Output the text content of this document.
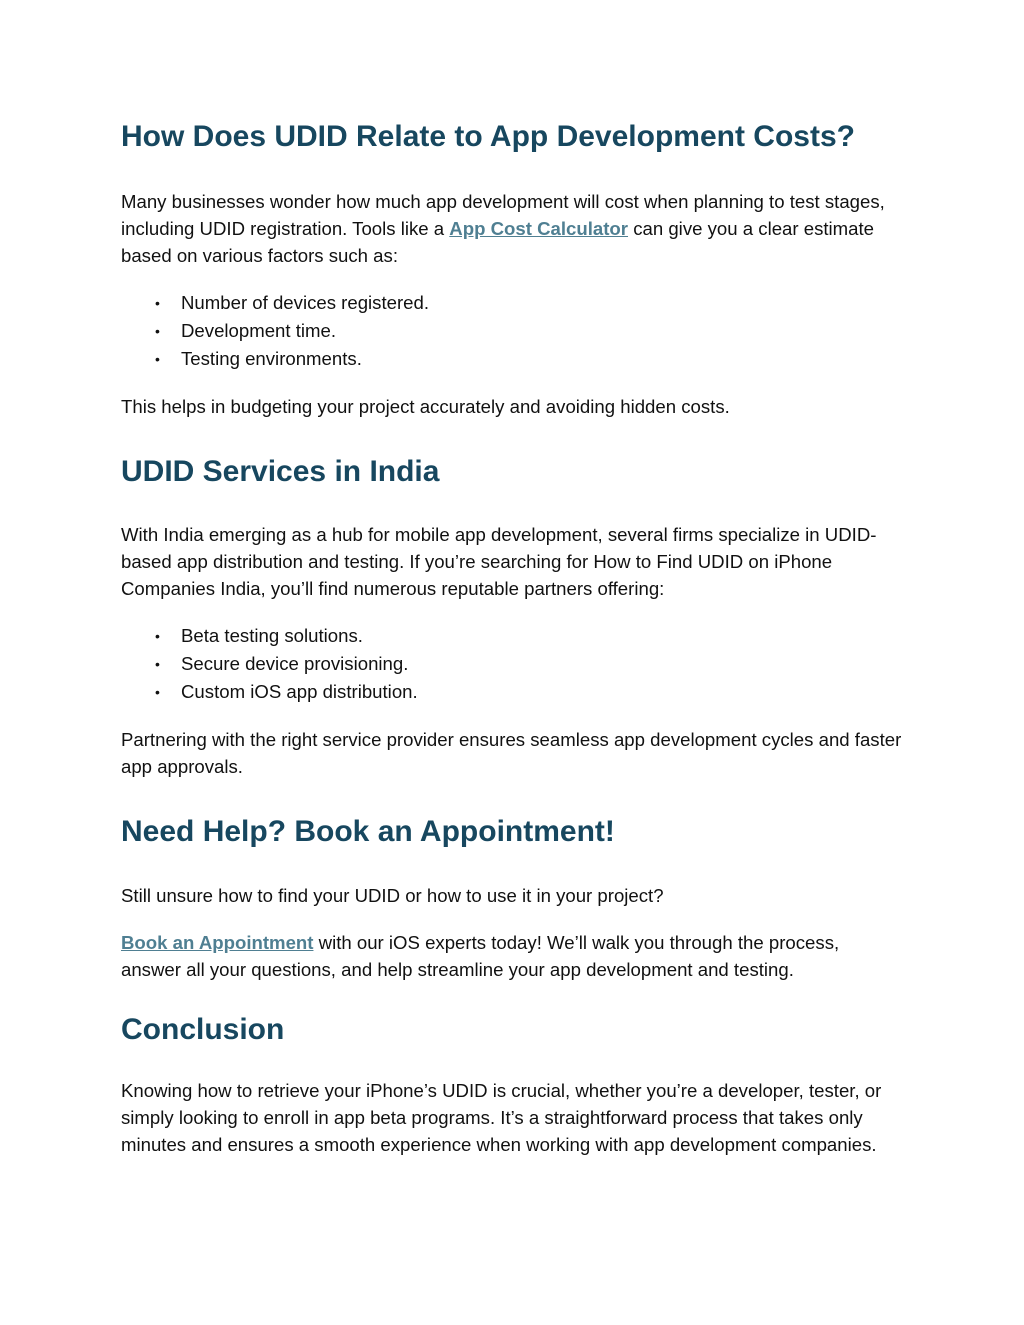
How Does UDID Relate to App Development Costs?

Many businesses wonder how much app development will cost when planning to test stages, including UDID registration. Tools like a App Cost Calculator can give you a clear estimate based on various factors such as:

• Number of devices registered.
• Development time.
• Testing environments.

This helps in budgeting your project accurately and avoiding hidden costs.

UDID Services in India

With India emerging as a hub for mobile app development, several firms specialize in UDID-based app distribution and testing. If you’re searching for How to Find UDID on iPhone Companies India, you’ll find numerous reputable partners offering:

• Beta testing solutions.
• Secure device provisioning.
• Custom iOS app distribution.

Partnering with the right service provider ensures seamless app development cycles and faster app approvals.

Need Help? Book an Appointment!

Still unsure how to find your UDID or how to use it in your project?

Book an Appointment with our iOS experts today! We’ll walk you through the process, answer all your questions, and help streamline your app development and testing.

Conclusion

Knowing how to retrieve your iPhone’s UDID is crucial, whether you’re a developer, tester, or simply looking to enroll in app beta programs. It’s a straightforward process that takes only minutes and ensures a smooth experience when working with app development companies.
